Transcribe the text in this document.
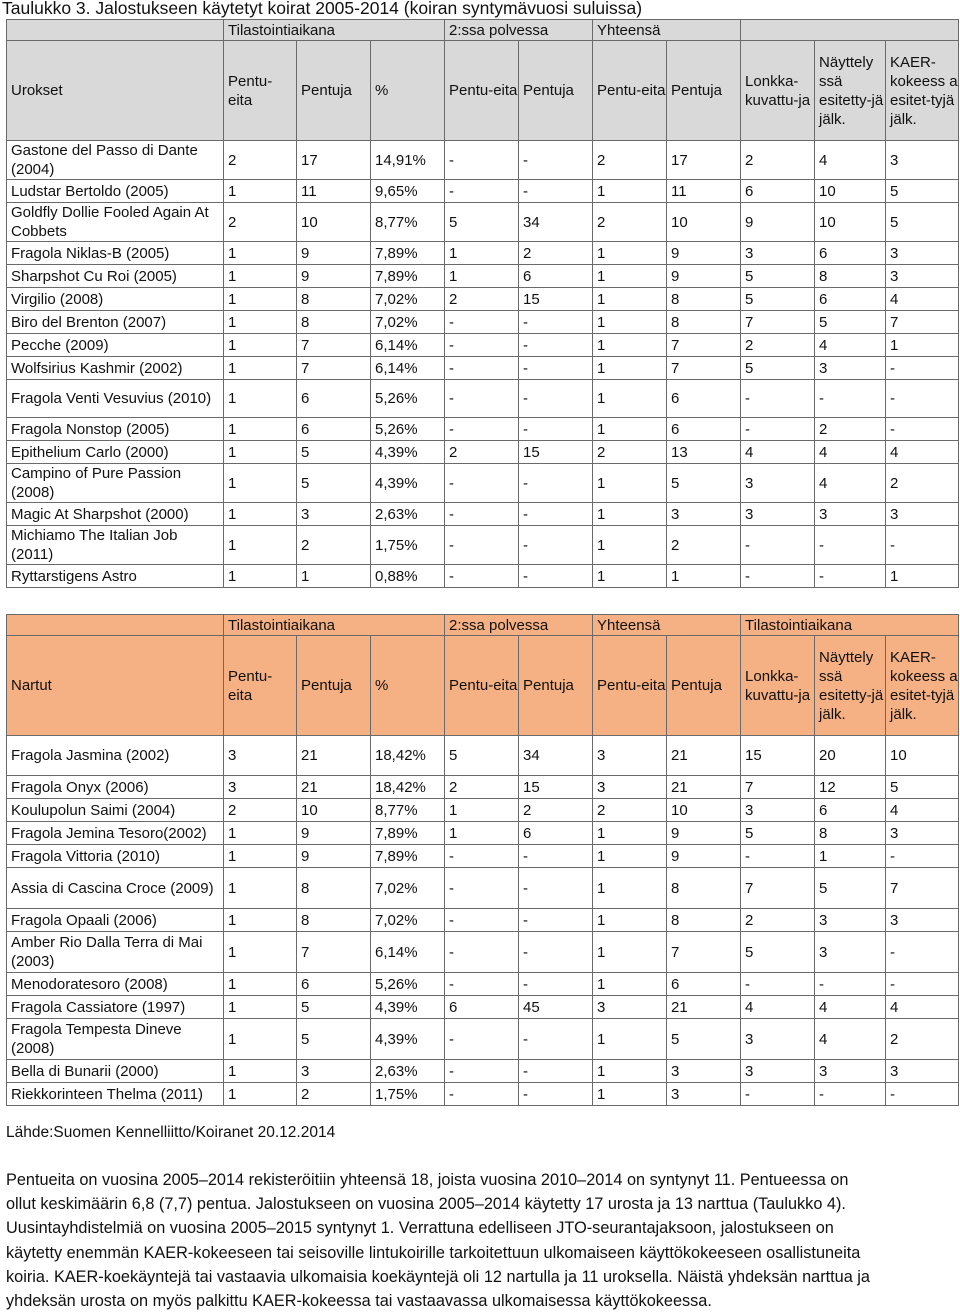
Taulukko 3. Jalostukseen käytetyt koirat 2005-2014 (koiran syntymävuosi suluissa)
	Tilastointiaikana			2:ssa polvessa		Yhteensä				
Urokset	Pentu-eita	Pentuja	%	Pentu-eita	Pentuja	Pentu-eita	Pentuja	Lonkka-kuvattu-ja	Näyttely ssä esitetty-jä jälk.	KAER-kokeess a esitet-tyjä jälk.
Gastone del Passo di Dante (2004)	2	17	14,91%	-	-	2	17	2	4	3
Ludstar Bertoldo (2005)	1	11	9,65%	-	-	1	11	6	10	5
Goldfly Dollie Fooled Again At Cobbets	2	10	8,77%	5	34	2	10	9	10	5
Fragola Niklas-B (2005)	1	9	7,89%	1	2	1	9	3	6	3
Sharpshot Cu Roi (2005)	1	9	7,89%	1	6	1	9	5	8	3
Virgilio (2008)	1	8	7,02%	2	15	1	8	5	6	4
Biro del Brenton (2007)	1	8	7,02%	-	-	1	8	7	5	7
Pecche (2009)	1	7	6,14%	-	-	1	7	2	4	1
Wolfsirius Kashmir (2002)	1	7	6,14%	-	-	1	7	5	3	-
Fragola Venti Vesuvius (2010)	1	6	5,26%	-	-	1	6	-	-	-
Fragola Nonstop (2005)	1	6	5,26%	-	-	1	6	-	2	-
Epithelium Carlo (2000)	1	5	4,39%	2	15	2	13	4	4	4
Campino of Pure Passion (2008)	1	5	4,39%	-	-	1	5	3	4	2
Magic At Sharpshot (2000)	1	3	2,63%	-	-	1	3	3	3	3
Michiamo The Italian Job (2011)	1	2	1,75%	-	-	1	2	-	-	-
Ryttarstigens Astro	1	1	0,88%	-	-	1	1	-	-	1
	Tilastointiaikana			2:ssa polvessa		Yhteensä		Tilastointiaikana		
Nartut	Pentu-eita	Pentuja	%	Pentu-eita	Pentuja	Pentu-eita	Pentuja	Lonkka-kuvattu-ja	Näyttely ssä esitetty-jä jälk.	KAER-kokeess a esitet-tyjä jälk.
Fragola Jasmina (2002)	3	21	18,42%	5	34	3	21	15	20	10
Fragola Onyx (2006)	3	21	18,42%	2	15	3	21	7	12	5
Koulupolun Saimi (2004)	2	10	8,77%	1	2	2	10	3	6	4
Fragola Jemina Tesoro(2002)	1	9	7,89%	1	6	1	9	5	8	3
Fragola Vittoria (2010)	1	9	7,89%	-	-	1	9	-	1	-
Assia di Cascina Croce (2009)	1	8	7,02%	-	-	1	8	7	5	7
Fragola Opaali (2006)	1	8	7,02%	-	-	1	8	2	3	3
Amber Rio Dalla Terra di Mai (2003)	1	7	6,14%	-	-	1	7	5	3	-
Menodoratesoro (2008)	1	6	5,26%	-	-	1	6	-	-	-
Fragola Cassiatore (1997)	1	5	4,39%	6	45	3	21	4	4	4
Fragola Tempesta Dineve (2008)	1	5	4,39%	-	-	1	5	3	4	2
Bella di Bunarii (2000)	1	3	2,63%	-	-	1	3	3	3	3
Riekkorinteen Thelma (2011)	1	2	1,75%	-	-	1	3	-	-	-
Lähde:Suomen Kennelliitto/Koiranet 20.12.2014

Pentueita on vuosina 2005–2014 rekisteröitiin yhteensä 18, joista vuosina 2010–2014 on syntynyt 11. Pentueessa on

ollut keskimäärin 6,8 (7,7) pentua. Jalostukseen on vuosina 2005–2014 käytetty 17 urosta ja 13 narttua (Taulukko 4).

Uusintayhdistelmiä on vuosina 2005–2015 syntynyt 1. Verrattuna edelliseen JTO-seurantajaksoon, jalostukseen on

käytetty enemmän KAER-kokeeseen tai seisoville lintukoirille tarkoitettuun ulkomaiseen käyttökokeeseen osallistuneita

koiria. KAER-koekäyntejä tai vastaavia ulkomaisia koekäyntejä oli 12 nartulla ja 11 uroksella. Näistä yhdeksän narttua ja

yhdeksän urosta on myös palkittu KAER-kokeessa tai vastaavassa ulkomaisessa käyttökokeessa.
